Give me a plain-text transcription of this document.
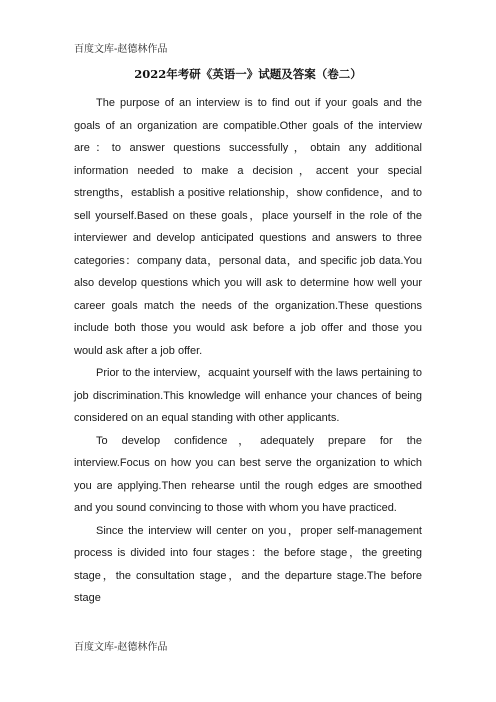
百度文库-赵德林作品
2022年考研《英语一》试题及答案（卷二）

The purpose of an interview is to find out if your goals and the goals of an organization are compatible.Other goals of the interview are：to answer questions successfully，obtain any additional information needed to make a decision，accent your special strengths，establish a positive relationship，show confidence，and to sell yourself.Based on these goals，place yourself in the role of the interviewer and develop anticipated questions and answers to three categories：company data，personal data，and specific job data.You also develop questions which you will ask to determine how well your career goals match the needs of the organization.These questions include both those you would ask before a job offer and those you would ask after a job offer.

Prior to the interview，acquaint yourself with the laws pertaining to job discrimination.This knowledge will enhance your chances of being considered on an equal standing with other applicants.

To develop confidence，adequately prepare for the interview.Focus on how you can best serve the organization to which you are applying.Then rehearse until the rough edges are smoothed and you sound convincing to those with whom you have practiced.

Since the interview will center on you，proper self-management process is divided into four stages：the before stage，the greeting stage，the consultation stage，and the departure stage.The before stage

百度文库-赵德林作品
